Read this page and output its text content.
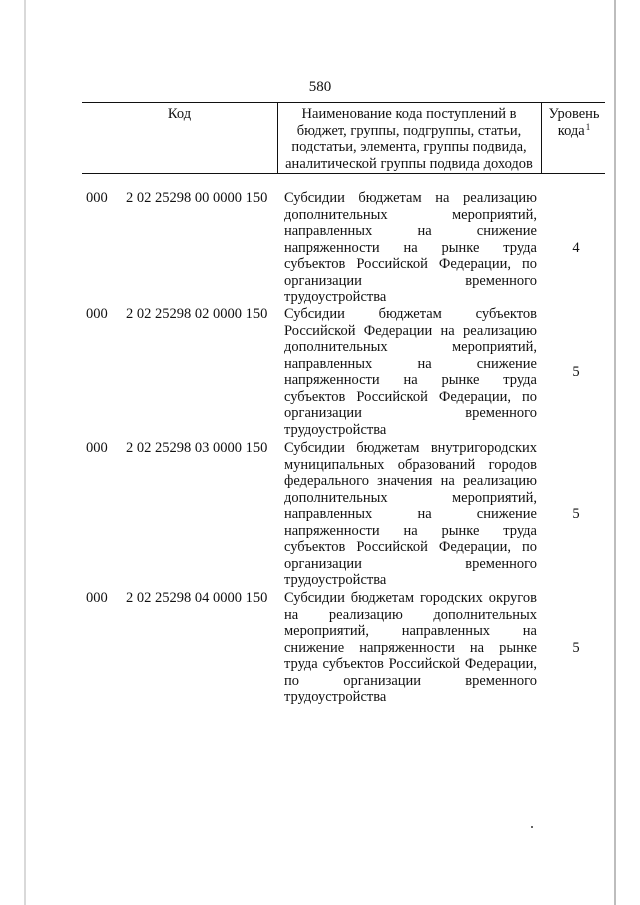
580
Код	Наименование кода поступлений в бюджет, группы, подгруппы, статьи, подстатьи, элемента, группы подвида, аналитической группы подвида доходов
Уровень кода$^1$
000 2 02 25298 00 0000 150 Субсидии бюджетам на реализацию дополнительных мероприятий, направленных на снижение напряженности на рынке труда субъектов Российской Федерации, по организации временного трудоустройства
4
000 2 02 25298 02 0000 150 Субсидии бюджетам субъектов Российской Федерации на реализацию дополнительных мероприятий, направленных на снижение напряженности на рынке труда субъектов Российской Федерации, по организации временного трудоустройства
5
000 2 02 25298 03 0000 150 Субсидии бюджетам внутригородских муниципальных образований городов федерального значения на реализацию дополнительных мероприятий, направленных на снижение напряженности на рынке труда субъектов Российской Федерации, по организации временного трудоустройства
5
000 2 02 25298 04 0000 150 Субсидии бюджетам городских округов на реализацию дополнительных мероприятий, направленных на снижение напряженности на рынке труда субъектов Российской Федерации, по организации временного трудоустройства
5
